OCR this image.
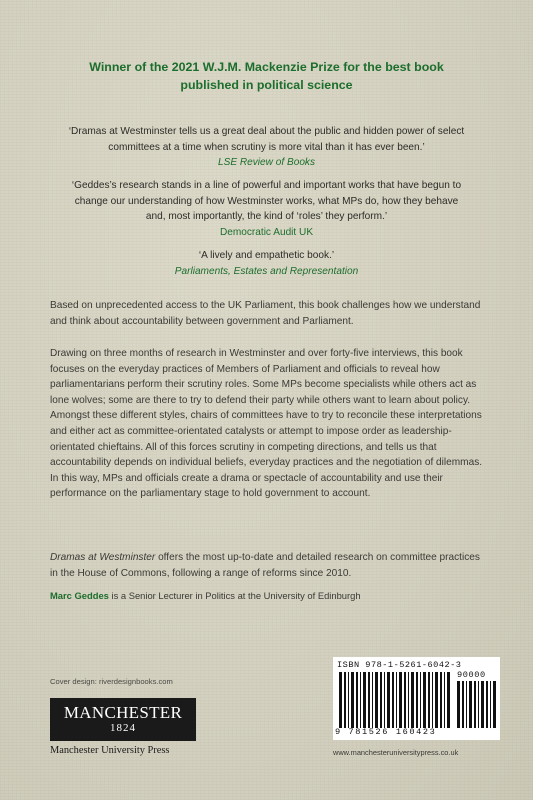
Winner of the 2021 W.J.M. Mackenzie Prize for the best book
published in political science
‘Dramas at Westminster tells us a great deal about the public and hidden power of select
committees at a time when scrutiny is more vital than it has ever been.’
LSE Review of Books
‘Geddes’s research stands in a line of powerful and important works that have begun to
change our understanding of how Westminster works, what MPs do, how they behave
and, most importantly, the kind of ‘roles’ they perform.’
Democratic Audit UK
‘A lively and empathetic book.’
Parliaments, Estates and Representation

Based on unprecedented access to the UK Parliament, this book challenges how we understand and think about accountability between government and Parliament.

Drawing on three months of research in Westminster and over forty-five interviews, this book focuses on the everyday practices of Members of Parliament and officials to reveal how parliamentarians perform their scrutiny roles. Some MPs become specialists while others act as lone wolves; some are there to try to defend their party while others want to learn about policy. Amongst these different styles, chairs of committees have to try to reconcile these interpretations and either act as committee-orientated catalysts or attempt to impose order as leadership-orientated chieftains. All of this forces scrutiny in competing directions, and tells us that accountability depends on individual beliefs, everyday practices and the negotiation of dilemmas. In this way, MPs and officials create a drama or spectacle of accountability and use their performance on the parliamentary stage to hold government to account.

Dramas at Westminster offers the most up-to-date and detailed research on committee practices in the House of Commons, following a range of reforms since 2010.

Marc Geddes is a Senior Lecturer in Politics at the University of Edinburgh
Cover design: riverdesignbooks.com
MANCHESTER
1824
Manchester University Press
ISBN 978-1-5261-6042-3
90000
9 781526 160423
www.manchesteruniversitypress.co.uk
